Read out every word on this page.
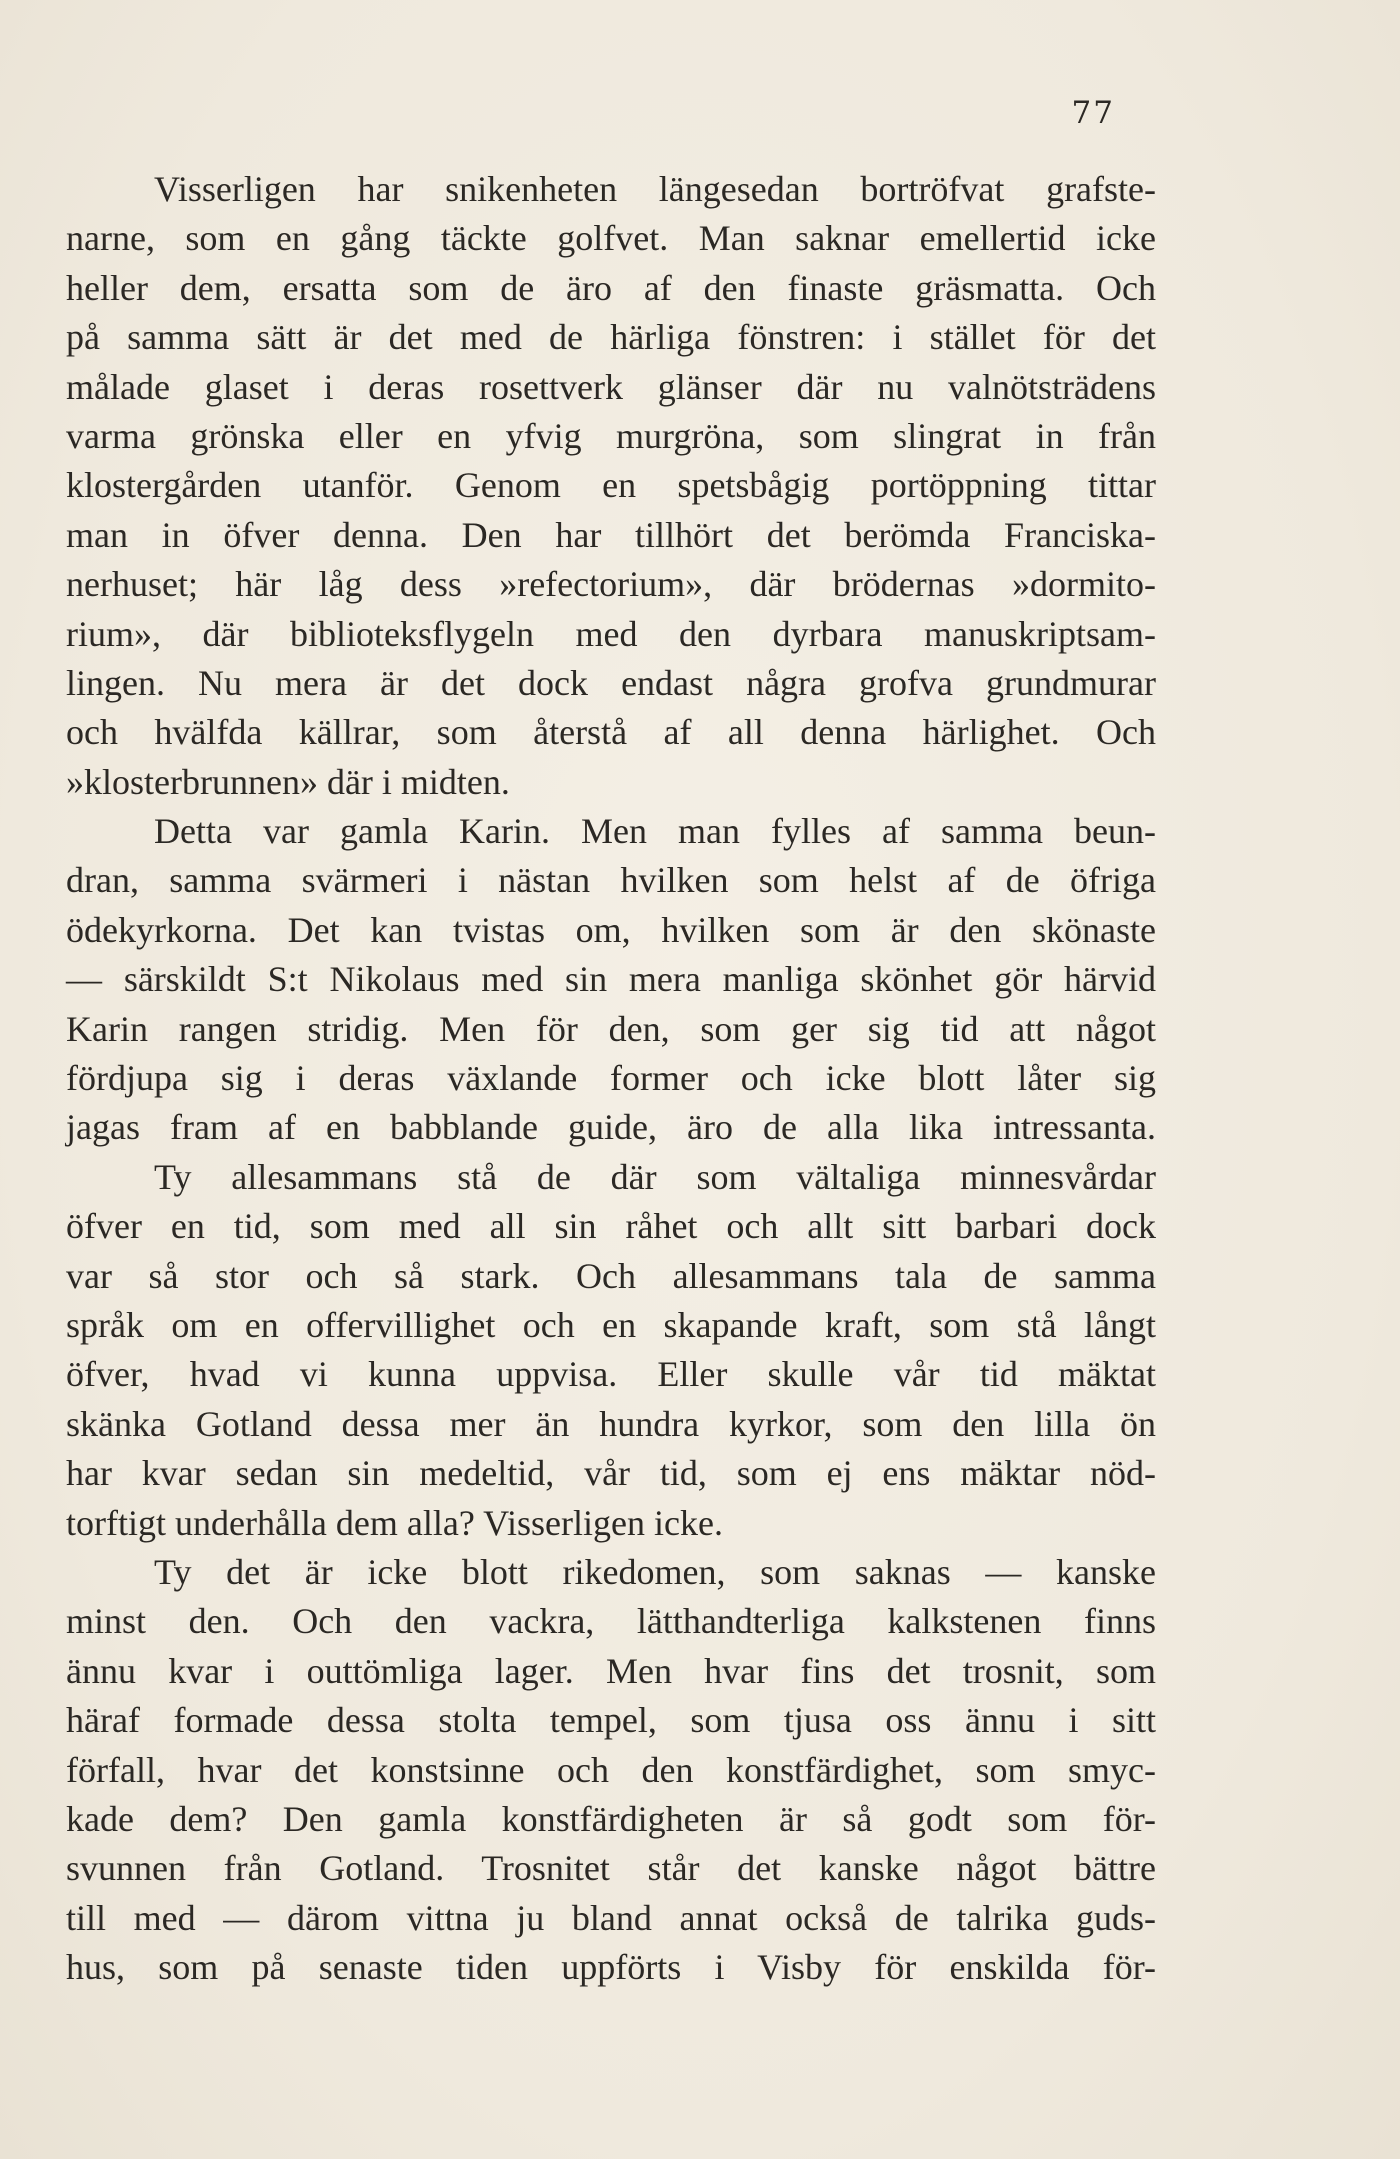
77
Visserligen har snikenheten längesedan bortröfvat grafste-
narne, som en gång täckte golfvet. Man saknar emellertid icke
heller dem, ersatta som de äro af den finaste gräsmatta. Och
på samma sätt är det med de härliga fönstren: i stället för det
målade glaset i deras rosettverk glänser där nu valnötsträdens
varma grönska eller en yfvig murgröna, som slingrat in från
klostergården utanför. Genom en spetsbågig portöppning tittar
man in öfver denna. Den har tillhört det berömda Franciska-
nerhuset; här låg dess »refectorium», där brödernas »dormito-
rium», där biblioteksflygeln med den dyrbara manuskriptsam-
lingen. Nu mera är det dock endast några grofva grundmurar
och hvälfda källrar, som återstå af all denna härlighet. Och
»klosterbrunnen» där i midten.
Detta var gamla Karin. Men man fylles af samma beun-
dran, samma svärmeri i nästan hvilken som helst af de öfriga
ödekyrkorna. Det kan tvistas om, hvilken som är den skönaste
— särskildt S:t Nikolaus med sin mera manliga skönhet gör härvid
Karin rangen stridig. Men för den, som ger sig tid att något
fördjupa sig i deras växlande former och icke blott låter sig
jagas fram af en babblande guide, äro de alla lika intressanta.
Ty allesammans stå de där som vältaliga minnesvårdar
öfver en tid, som med all sin råhet och allt sitt barbari dock
var så stor och så stark. Och allesammans tala de samma
språk om en offervillighet och en skapande kraft, som stå långt
öfver, hvad vi kunna uppvisa. Eller skulle vår tid mäktat
skänka Gotland dessa mer än hundra kyrkor, som den lilla ön
har kvar sedan sin medeltid, vår tid, som ej ens mäktar nöd-
torftigt underhålla dem alla? Visserligen icke.
Ty det är icke blott rikedomen, som saknas — kanske
minst den. Och den vackra, lätthandterliga kalkstenen finns
ännu kvar i outtömliga lager. Men hvar fins det trosnit, som
häraf formade dessa stolta tempel, som tjusa oss ännu i sitt
förfall, hvar det konstsinne och den konstfärdighet, som smyc-
kade dem? Den gamla konstfärdigheten är så godt som för-
svunnen från Gotland. Trosnitet står det kanske något bättre
till med — därom vittna ju bland annat också de talrika guds-
hus, som på senaste tiden uppförts i Visby för enskilda för-
